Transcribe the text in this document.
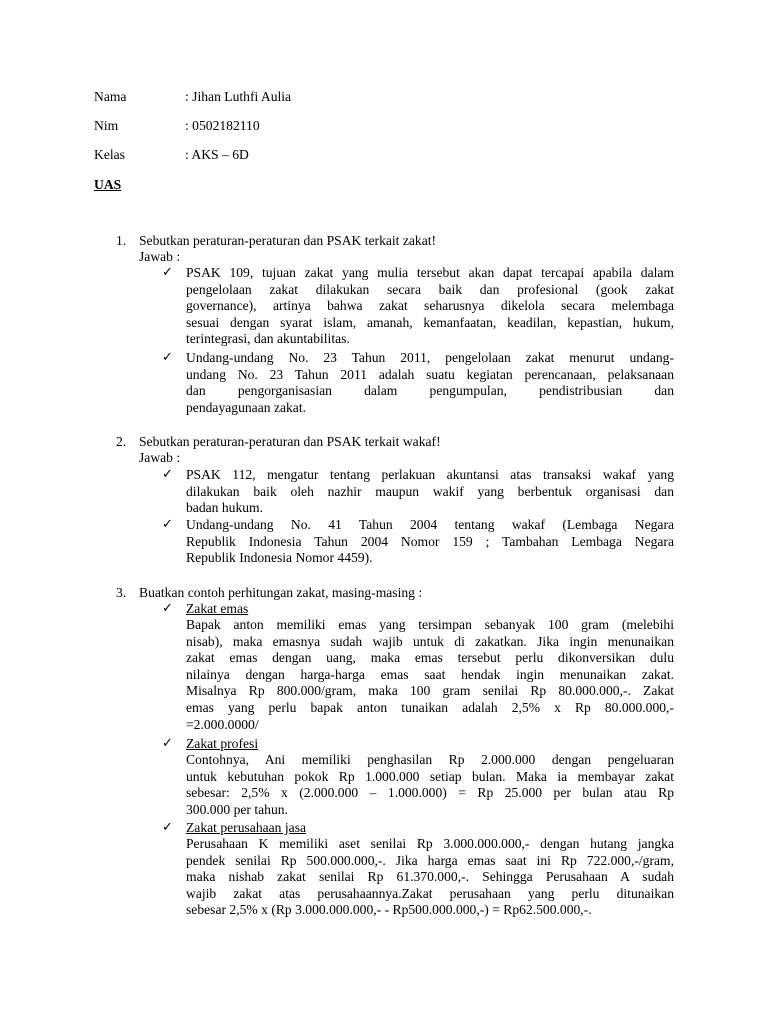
Nama	: Jihan Luthfi Aulia
Nim	: 0502182110
Kelas	: AKS – 6D
UAS
1. Sebutkan peraturan-peraturan dan PSAK terkait zakat!
Jawab :
✓ PSAK 109, tujuan zakat yang mulia tersebut akan dapat tercapai apabila dalam
pengelolaan zakat dilakukan secara baik dan profesional (gook zakat
governance), artinya bahwa zakat seharusnya dikelola secara melembaga
sesuai dengan syarat islam, amanah, kemanfaatan, keadilan, kepastian, hukum,
terintegrasi, dan akuntabilitas.
✓ Undang-undang No. 23 Tahun 2011, pengelolaan zakat menurut undang-
undang No. 23 Tahun 2011 adalah suatu kegiatan perencanaan, pelaksanaan
dan pengorganisasian dalam pengumpulan, pendistribusian dan
pendayagunaan zakat.
2. Sebutkan peraturan-peraturan dan PSAK terkait wakaf!
Jawab :
✓ PSAK 112, mengatur tentang perlakuan akuntansi atas transaksi wakaf yang
dilakukan baik oleh nazhir maupun wakif yang berbentuk organisasi dan
badan hukum.
✓ Undang-undang No. 41 Tahun 2004 tentang wakaf (Lembaga Negara
Republik Indonesia Tahun 2004 Nomor 159 ; Tambahan Lembaga Negara
Republik Indonesia Nomor 4459).
3. Buatkan contoh perhitungan zakat, masing-masing :
✓ Zakat emas
Bapak anton memiliki emas yang tersimpan sebanyak 100 gram (melebihi
nisab), maka emasnya sudah wajib untuk di zakatkan. Jika ingin menunaikan
zakat emas dengan uang, maka emas tersebut perlu dikonversikan dulu
nilainya dengan harga-harga emas saat hendak ingin menunaikan zakat.
Misalnya Rp 800.000/gram, maka 100 gram senilai Rp 80.000.000,-. Zakat
emas yang perlu bapak anton tunaikan adalah 2,5% x Rp 80.000.000,-
=2.000.0000/
✓ Zakat profesi
Contohnya, Ani memiliki penghasilan Rp 2.000.000 dengan pengeluaran
untuk kebutuhan pokok Rp 1.000.000 setiap bulan. Maka ia membayar zakat
sebesar: 2,5% x (2.000.000 – 1.000.000) = Rp 25.000 per bulan atau Rp
300.000 per tahun.
✓ Zakat perusahaan jasa
Perusahaan K memiliki aset senilai Rp 3.000.000.000,- dengan hutang jangka
pendek senilai Rp 500.000.000,-. Jika harga emas saat ini Rp 722.000,-/gram,
maka nishab zakat senilai Rp 61.370.000,-. Sehingga Perusahaan A sudah
wajib zakat atas perusahaannya.Zakat perusahaan yang perlu ditunaikan
sebesar 2,5% x (Rp 3.000.000.000,- - Rp500.000.000,-) = Rp62.500.000,-.
